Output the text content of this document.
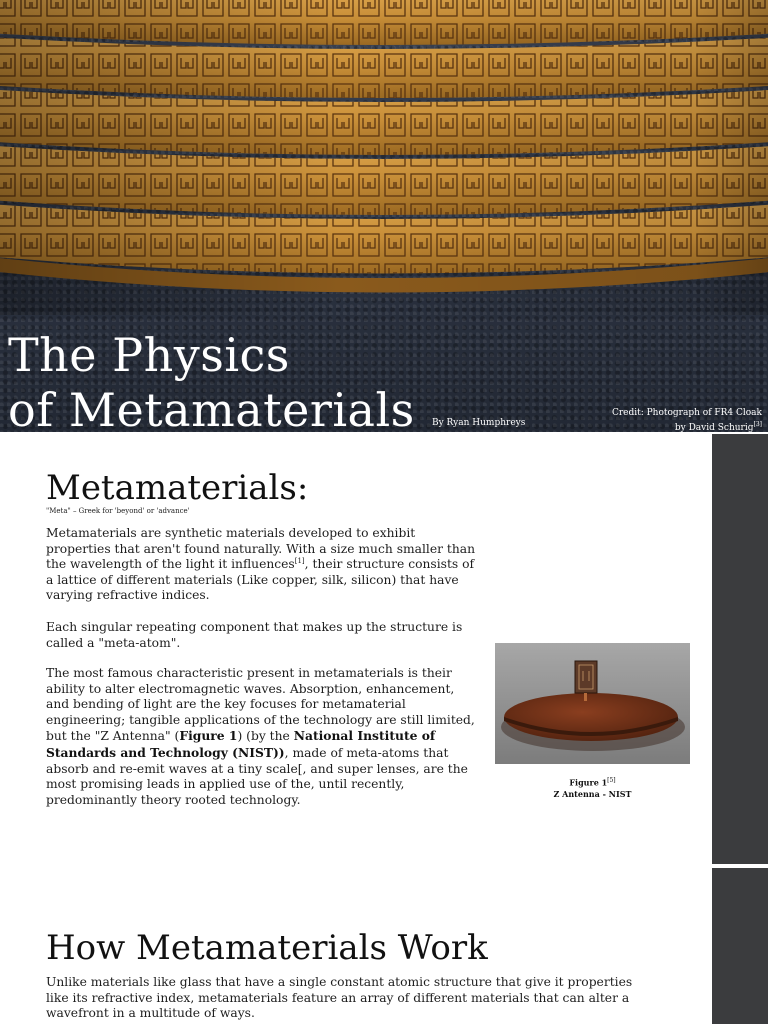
The Physics
of Metamaterials By Ryan Humphreys
Credit: Photograph of FR4 Cloak
by David Schurig[3]
Metamaterials:
"Meta" – Greek for 'beyond' or 'advance'

Metamaterials are synthetic materials developed to exhibit properties that aren't found naturally. With a size much smaller than the wavelength of the light it influences[1], their structure consists of a lattice of different materials (Like copper, silk, silicon) that have varying refractive indices.

Each singular repeating component that makes up the structure is called a "meta-atom".

The most famous characteristic present in metamaterials is their ability to alter electromagnetic waves. Absorption, enhancement, and bending of light are the key focuses for metamaterial engineering; tangible applications of the technology are still limited, but the "Z Antenna" (Figure 1) (by the National Institute of Standards and Technology (NIST)), made of meta-atoms that absorb and re-emit waves at a tiny scale[, and super lenses, are the most promising leads in applied use of the, until recently, predominantly theory rooted technology.

Figure 1[5]
Z Antenna - NIST
How Metamaterials Work

Unlike materials like glass that have a single constant atomic structure that give it properties like its refractive index, metamaterials feature an array of different materials that can alter a wavefront in a multitude of ways.
